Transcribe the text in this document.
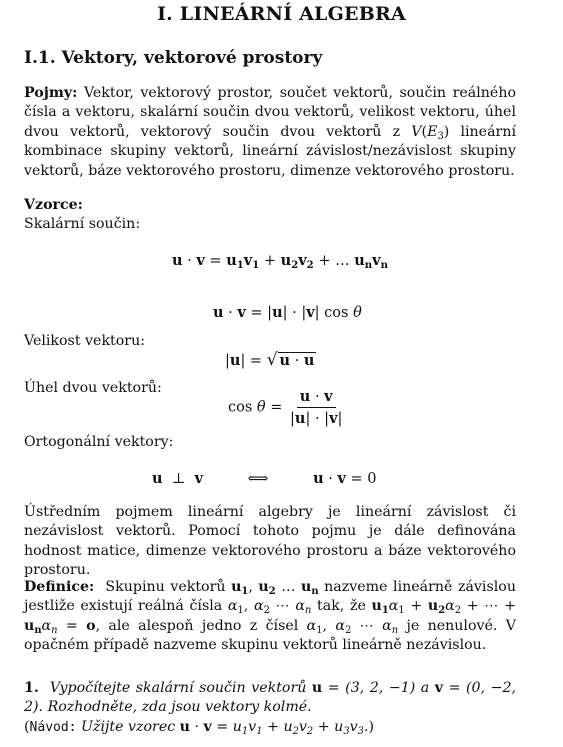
I. LINEÁRNÍ ALGEBRA
I.1. Vektory, vektorové prostory
Pojmy: Vektor, vektorový prostor, součet vektorů, součin reálného čísla a vektoru, skalární součin dvou vektorů, velikost vektoru, úhel dvou vektorů, vektorový součin dvou vektorů z $V(E_3)$ lineární kombinace skupiny vektorů, lineární závislost/nezávislost skupiny vektorů, báze vektorového prostoru, dimenze vektorového prostoru.
Vzorce:
Skalární součin:
$u \cdot v = u_1v_1 + u_2v_2$ + … $u_nv_n$
u · v = |u| · |v| cos θ
Velikost vektoru:
|u| = √ u · u
Úhel dvou vektorů:
$\cos \theta = \frac{u \cdot v}{|u| \cdot |v|}$
Ortogonální vektory:
u  ⊥  v	⟺	u · v = 0
Ústředním pojmem lineární algebry je lineární závislost či nezávislost vektorů. Pomocí tohoto pojmu je dále definována hodnost matice, dimenze vektorového prostoru a báze vektorového prostoru.
Definice:  Skupinu vektorů $u_1$, $u_2$ … $u_n$ nazveme lineárně závislou jestliže existují reálná čísla $\alpha_1$, $\alpha_2$ ⋯ $\alpha_n$ tak, že $u_1\alpha_1 + u_2\alpha_2$ + ⋯ + $u_n\alpha_n = o$, ale alespoň jedno z čísel $\alpha_1$, $\alpha_2$ ⋯ $\alpha_n$ je nenulové. V opačném případě nazveme skupinu vektorů lineárně nezávislou.
1.  Vypočítejte skalární součin vektorů u = (3, 2, −1) a v = (0, −2, 2). Rozhodněte, zda jsou vektory kolmé.
(Návod: Užijte vzorec $u \cdot v = u_1v_1 + u_2v_2 + u_3v_3$.)
